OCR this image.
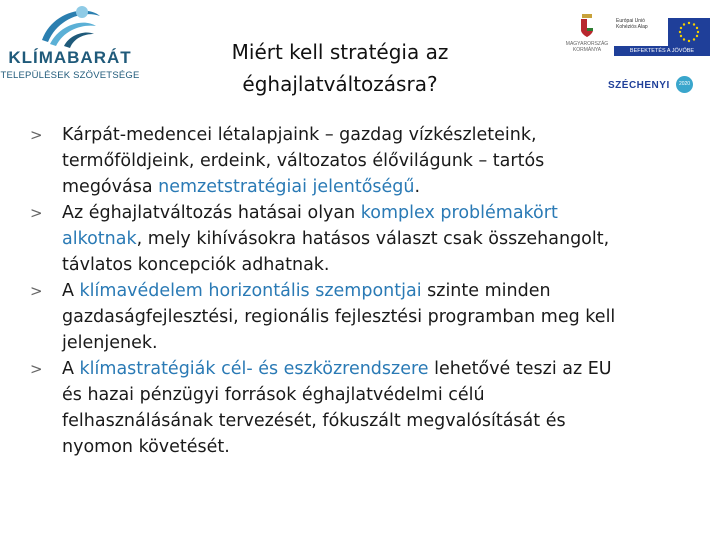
KLÍMABARÁT
TELEPÜLÉSEK SZÖVETSÉGE
Miért kell stratégia az
éghajlatváltozásra?
MAGYARORSZÁG KORMÁNYA
Európai Unió Kohéziós Alap
BEFEKTETÉS A JÖVŐBE
SZÉCHENYI	2020
> Kárpát-medencei létalapjaink – gazdag vízkészleteink,
termőföldjeink, erdeink, változatos élővilágunk – tartós
megóvása nemzetstratégiai jelentőségű.
> Az éghajlatváltozás hatásai olyan komplex problémakört
alkotnak, mely kihívásokra hatásos választ csak összehangolt,
távlatos koncepciók adhatnak.
> A klímavédelem horizontális szempontjai szinte minden
gazdaságfejlesztési, regionális fejlesztési programban meg kell
jelenjenek.
> A klímastratégiák cél- és eszközrendszere lehetővé teszi az EU
és hazai pénzügyi források éghajlatvédelmi célú
felhasználásának tervezését, fókuszált megvalósítását és
nyomon követését.
